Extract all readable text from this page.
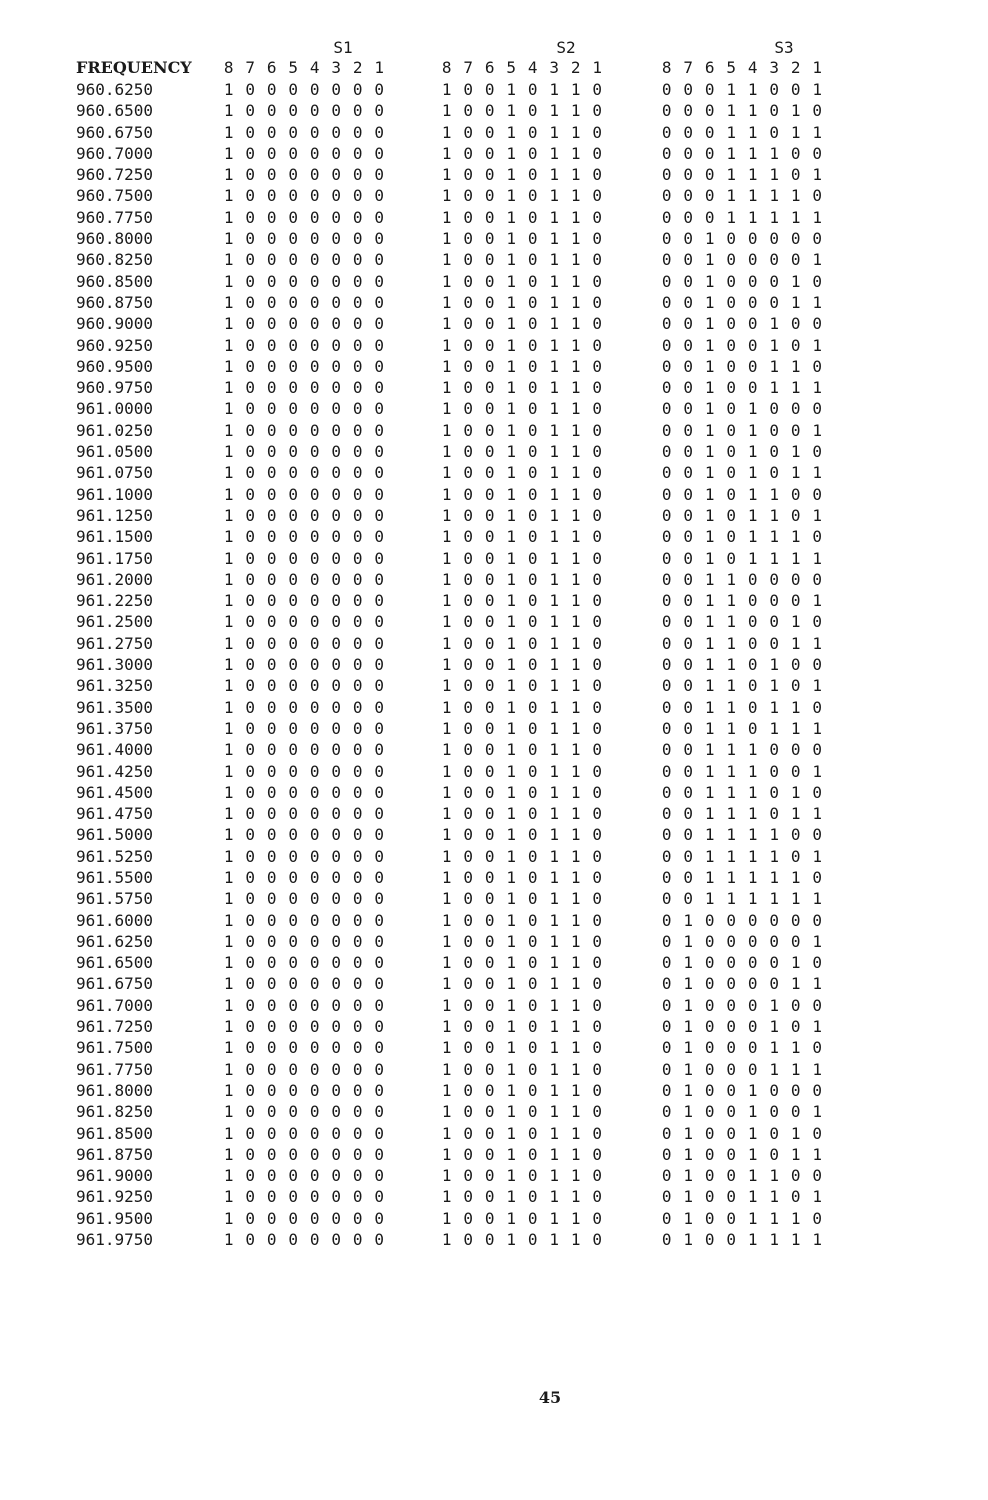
S1	S2	S3
FREQUENCY	8 7 6 5 4 3 2 1	8 7 6 5 4 3 2 1	8 7 6 5 4 3 2 1
960.6250	1 0 0 0 0 0 0 0	1 0 0 1 0 1 1 0	0 0 0 1 1 0 0 1
960.6500	1 0 0 0 0 0 0 0	1 0 0 1 0 1 1 0	0 0 0 1 1 0 1 0
960.6750	1 0 0 0 0 0 0 0	1 0 0 1 0 1 1 0	0 0 0 1 1 0 1 1
960.7000	1 0 0 0 0 0 0 0	1 0 0 1 0 1 1 0	0 0 0 1 1 1 0 0
960.7250	1 0 0 0 0 0 0 0	1 0 0 1 0 1 1 0	0 0 0 1 1 1 0 1
960.7500	1 0 0 0 0 0 0 0	1 0 0 1 0 1 1 0	0 0 0 1 1 1 1 0
960.7750	1 0 0 0 0 0 0 0	1 0 0 1 0 1 1 0	0 0 0 1 1 1 1 1
960.8000	1 0 0 0 0 0 0 0	1 0 0 1 0 1 1 0	0 0 1 0 0 0 0 0
960.8250	1 0 0 0 0 0 0 0	1 0 0 1 0 1 1 0	0 0 1 0 0 0 0 1
960.8500	1 0 0 0 0 0 0 0	1 0 0 1 0 1 1 0	0 0 1 0 0 0 1 0
960.8750	1 0 0 0 0 0 0 0	1 0 0 1 0 1 1 0	0 0 1 0 0 0 1 1
960.9000	1 0 0 0 0 0 0 0	1 0 0 1 0 1 1 0	0 0 1 0 0 1 0 0
960.9250	1 0 0 0 0 0 0 0	1 0 0 1 0 1 1 0	0 0 1 0 0 1 0 1
960.9500	1 0 0 0 0 0 0 0	1 0 0 1 0 1 1 0	0 0 1 0 0 1 1 0
960.9750	1 0 0 0 0 0 0 0	1 0 0 1 0 1 1 0	0 0 1 0 0 1 1 1
961.0000	1 0 0 0 0 0 0 0	1 0 0 1 0 1 1 0	0 0 1 0 1 0 0 0
961.0250	1 0 0 0 0 0 0 0	1 0 0 1 0 1 1 0	0 0 1 0 1 0 0 1
961.0500	1 0 0 0 0 0 0 0	1 0 0 1 0 1 1 0	0 0 1 0 1 0 1 0
961.0750	1 0 0 0 0 0 0 0	1 0 0 1 0 1 1 0	0 0 1 0 1 0 1 1
961.1000	1 0 0 0 0 0 0 0	1 0 0 1 0 1 1 0	0 0 1 0 1 1 0 0
961.1250	1 0 0 0 0 0 0 0	1 0 0 1 0 1 1 0	0 0 1 0 1 1 0 1
961.1500	1 0 0 0 0 0 0 0	1 0 0 1 0 1 1 0	0 0 1 0 1 1 1 0
961.1750	1 0 0 0 0 0 0 0	1 0 0 1 0 1 1 0	0 0 1 0 1 1 1 1
961.2000	1 0 0 0 0 0 0 0	1 0 0 1 0 1 1 0	0 0 1 1 0 0 0 0
961.2250	1 0 0 0 0 0 0 0	1 0 0 1 0 1 1 0	0 0 1 1 0 0 0 1
961.2500	1 0 0 0 0 0 0 0	1 0 0 1 0 1 1 0	0 0 1 1 0 0 1 0
961.2750	1 0 0 0 0 0 0 0	1 0 0 1 0 1 1 0	0 0 1 1 0 0 1 1
961.3000	1 0 0 0 0 0 0 0	1 0 0 1 0 1 1 0	0 0 1 1 0 1 0 0
961.3250	1 0 0 0 0 0 0 0	1 0 0 1 0 1 1 0	0 0 1 1 0 1 0 1
961.3500	1 0 0 0 0 0 0 0	1 0 0 1 0 1 1 0	0 0 1 1 0 1 1 0
961.3750	1 0 0 0 0 0 0 0	1 0 0 1 0 1 1 0	0 0 1 1 0 1 1 1
961.4000	1 0 0 0 0 0 0 0	1 0 0 1 0 1 1 0	0 0 1 1 1 0 0 0
961.4250	1 0 0 0 0 0 0 0	1 0 0 1 0 1 1 0	0 0 1 1 1 0 0 1
961.4500	1 0 0 0 0 0 0 0	1 0 0 1 0 1 1 0	0 0 1 1 1 0 1 0
961.4750	1 0 0 0 0 0 0 0	1 0 0 1 0 1 1 0	0 0 1 1 1 0 1 1
961.5000	1 0 0 0 0 0 0 0	1 0 0 1 0 1 1 0	0 0 1 1 1 1 0 0
961.5250	1 0 0 0 0 0 0 0	1 0 0 1 0 1 1 0	0 0 1 1 1 1 0 1
961.5500	1 0 0 0 0 0 0 0	1 0 0 1 0 1 1 0	0 0 1 1 1 1 1 0
961.5750	1 0 0 0 0 0 0 0	1 0 0 1 0 1 1 0	0 0 1 1 1 1 1 1
961.6000	1 0 0 0 0 0 0 0	1 0 0 1 0 1 1 0	0 1 0 0 0 0 0 0
961.6250	1 0 0 0 0 0 0 0	1 0 0 1 0 1 1 0	0 1 0 0 0 0 0 1
961.6500	1 0 0 0 0 0 0 0	1 0 0 1 0 1 1 0	0 1 0 0 0 0 1 0
961.6750	1 0 0 0 0 0 0 0	1 0 0 1 0 1 1 0	0 1 0 0 0 0 1 1
961.7000	1 0 0 0 0 0 0 0	1 0 0 1 0 1 1 0	0 1 0 0 0 1 0 0
961.7250	1 0 0 0 0 0 0 0	1 0 0 1 0 1 1 0	0 1 0 0 0 1 0 1
961.7500	1 0 0 0 0 0 0 0	1 0 0 1 0 1 1 0	0 1 0 0 0 1 1 0
961.7750	1 0 0 0 0 0 0 0	1 0 0 1 0 1 1 0	0 1 0 0 0 1 1 1
961.8000	1 0 0 0 0 0 0 0	1 0 0 1 0 1 1 0	0 1 0 0 1 0 0 0
961.8250	1 0 0 0 0 0 0 0	1 0 0 1 0 1 1 0	0 1 0 0 1 0 0 1
961.8500	1 0 0 0 0 0 0 0	1 0 0 1 0 1 1 0	0 1 0 0 1 0 1 0
961.8750	1 0 0 0 0 0 0 0	1 0 0 1 0 1 1 0	0 1 0 0 1 0 1 1
961.9000	1 0 0 0 0 0 0 0	1 0 0 1 0 1 1 0	0 1 0 0 1 1 0 0
961.9250	1 0 0 0 0 0 0 0	1 0 0 1 0 1 1 0	0 1 0 0 1 1 0 1
961.9500	1 0 0 0 0 0 0 0	1 0 0 1 0 1 1 0	0 1 0 0 1 1 1 0
961.9750	1 0 0 0 0 0 0 0	1 0 0 1 0 1 1 0	0 1 0 0 1 1 1 1
45
